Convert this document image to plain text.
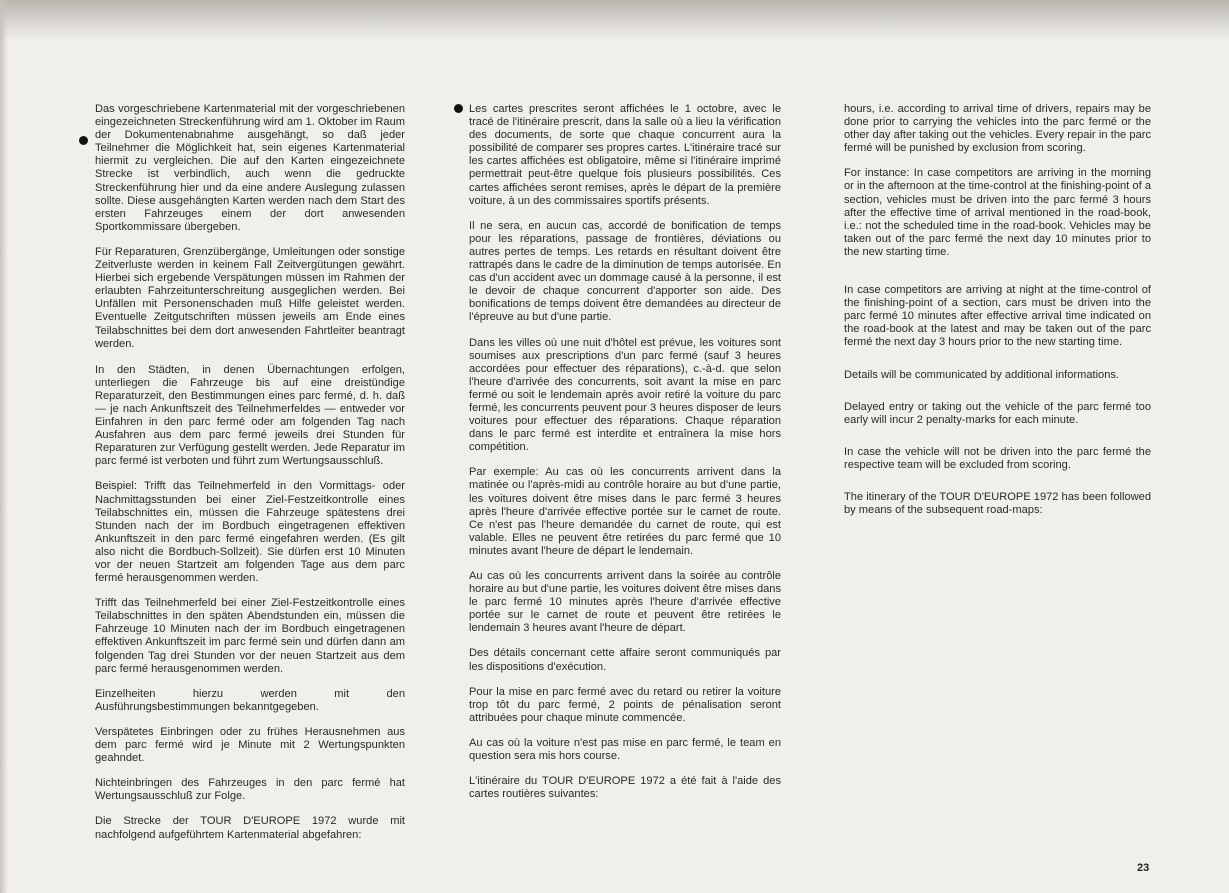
Das vorgeschriebene Kartenmaterial mit der vorgeschriebenen eingezeichneten Streckenführung wird am 1. Oktober im Raum der Dokumentenabnahme ausgehängt, so daß jeder Teilnehmer die Möglichkeit hat, sein eigenes Kartenmaterial hiermit zu vergleichen. Die auf den Karten eingezeichnete Strecke ist verbindlich, auch wenn die gedruckte Streckenführung hier und da eine andere Auslegung zulassen sollte. Diese ausgehängten Karten werden nach dem Start des ersten Fahrzeuges einem der dort anwesenden Sportkommissare übergeben.

Für Reparaturen, Grenzübergänge, Umleitungen oder sonstige Zeitverluste werden in keinem Fall Zeitvergütungen gewährt. Hierbei sich ergebende Verspätungen müssen im Rahmen der erlaubten Fahrzeitunterschreitung ausgeglichen werden. Bei Unfällen mit Personenschaden muß Hilfe geleistet werden. Eventuelle Zeitgutschriften müssen jeweils am Ende eines Teilabschnittes bei dem dort anwesenden Fahrtleiter beantragt werden.

In den Städten, in denen Übernachtungen erfolgen, unterliegen die Fahrzeuge bis auf eine dreistündige Reparaturzeit, den Bestimmungen eines parc fermé, d. h. daß — je nach Ankunftszeit des Teilnehmerfeldes — entweder vor Einfahren in den parc fermé oder am folgenden Tag nach Ausfahren aus dem parc fermé jeweils drei Stunden für Reparaturen zur Verfügung gestellt werden. Jede Reparatur im parc fermé ist verboten und führt zum Wertungsausschluß.

Beispiel: Trifft das Teilnehmerfeld in den Vormittags- oder Nachmittagsstunden bei einer Ziel-Festzeitkontrolle eines Teilabschnittes ein, müssen die Fahrzeuge spätestens drei Stunden nach der im Bordbuch eingetragenen effektiven Ankunftszeit in den parc fermé eingefahren werden. (Es gilt also nicht die Bordbuch-Sollzeit). Sie dürfen erst 10 Minuten vor der neuen Startzeit am folgenden Tage aus dem parc fermé herausgenommen werden.

Trifft das Teilnehmerfeld bei einer Ziel-Festzeitkontrolle eines Teilabschnittes in den späten Abendstunden ein, müssen die Fahrzeuge 10 Minuten nach der im Bordbuch eingetragenen effektiven Ankunftszeit im parc fermé sein und dürfen dann am folgenden Tag drei Stunden vor der neuen Startzeit aus dem parc fermé herausgenommen werden.

Einzelheiten hierzu werden mit den Ausführungsbestimmungen bekanntgegeben.

Verspätetes Einbringen oder zu frühes Herausnehmen aus dem parc fermé wird je Minute mit 2 Wertungspunkten geahndet.

Nichteinbringen des Fahrzeuges in den parc fermé hat Wertungsausschluß zur Folge.

Die Strecke der TOUR D'EUROPE 1972 wurde mit nachfolgend aufgeführtem Kartenmaterial abgefahren:

Les cartes prescrites seront affichées le 1 octobre, avec le tracé de l'itinéraire prescrit, dans la salle où a lieu la vérification des documents, de sorte que chaque concurrent aura la possibilité de comparer ses propres cartes. L'itinéraire tracé sur les cartes affichées est obligatoire, même si l'itinéraire imprimé permettrait peut-être quelque fois plusieurs possibilités. Ces cartes affichées seront remises, après le départ de la première voiture, à un des commissaires sportifs présents.

Il ne sera, en aucun cas, accordé de bonification de temps pour les réparations, passage de frontières, déviations ou autres pertes de temps. Les retards en résultant doivent être rattrapés dans le cadre de la diminution de temps autorisée. En cas d'un accident avec un dommage causé à la personne, il est le devoir de chaque concurrent d'apporter son aide. Des bonifications de temps doivent être demandées au directeur de l'épreuve au but d'une partie.

Dans les villes où une nuit d'hôtel est prévue, les voitures sont soumises aux prescriptions d'un parc fermé (sauf 3 heures accordées pour effectuer des réparations), c.-à-d. que selon l'heure d'arrivée des concurrents, soit avant la mise en parc fermé ou soit le lendemain après avoir retiré la voiture du parc fermé, les concurrents peuvent pour 3 heures disposer de leurs voitures pour effectuer des réparations. Chaque réparation dans le parc fermé est interdite et entraînera la mise hors compétition.

Par exemple: Au cas où les concurrents arrivent dans la matinée ou l'après-midi au contrôle horaire au but d'une partie, les voitures doivent être mises dans le parc fermé 3 heures après l'heure d'arrivée effective portée sur le carnet de route. Ce n'est pas l'heure demandée du carnet de route, qui est valable. Elles ne peuvent être retirées du parc fermé que 10 minutes avant l'heure de départ le lendemain.

Au cas où les concurrents arrivent dans la soirée au contrôle horaire au but d'une partie, les voitures doivent être mises dans le parc fermé 10 minutes après l'heure d'arrivée effective portée sur le carnet de route et peuvent être retirées le lendemain 3 heures avant l'heure de départ.

Des détails concernant cette affaire seront communiqués par les dispositions d'exécution.

Pour la mise en parc fermé avec du retard ou retirer la voiture trop tôt du parc fermé, 2 points de pénalisation seront attribuées pour chaque minute commencée.

Au cas où la voiture n'est pas mise en parc fermé, le team en question sera mis hors course.

L'itinéraire du TOUR D'EUROPE 1972 a été fait à l'aide des cartes routières suivantes:

hours, i.e. according to arrival time of drivers, repairs may be done prior to carrying the vehicles into the parc fermé or the other day after taking out the vehicles. Every repair in the parc fermé will be punished by exclusion from scoring.

For instance: In case competitors are arriving in the morning or in the afternoon at the time-control at the finishing-point of a section, vehicles must be driven into the parc fermé 3 hours after the effective time of arrival mentioned in the road-book, i.e.: not the scheduled time in the road-book. Vehicles may be taken out of the parc fermé the next day 10 minutes prior to the new starting time.

In case competitors are arriving at night at the time-control of the finishing-point of a section, cars must be driven into the parc fermé 10 minutes after effective arrival time indicated on the road-book at the latest and may be taken out of the parc fermé the next day 3 hours prior to the new starting time.

Details will be communicated by additional informations.

Delayed entry or taking out the vehicle of the parc fermé too early will incur 2 penalty-marks for each minute.

In case the vehicle will not be driven into the parc fermé the respective team will be excluded from scoring.

The itinerary of the TOUR D'EUROPE 1972 has been followed by means of the subsequent road-maps:

23
